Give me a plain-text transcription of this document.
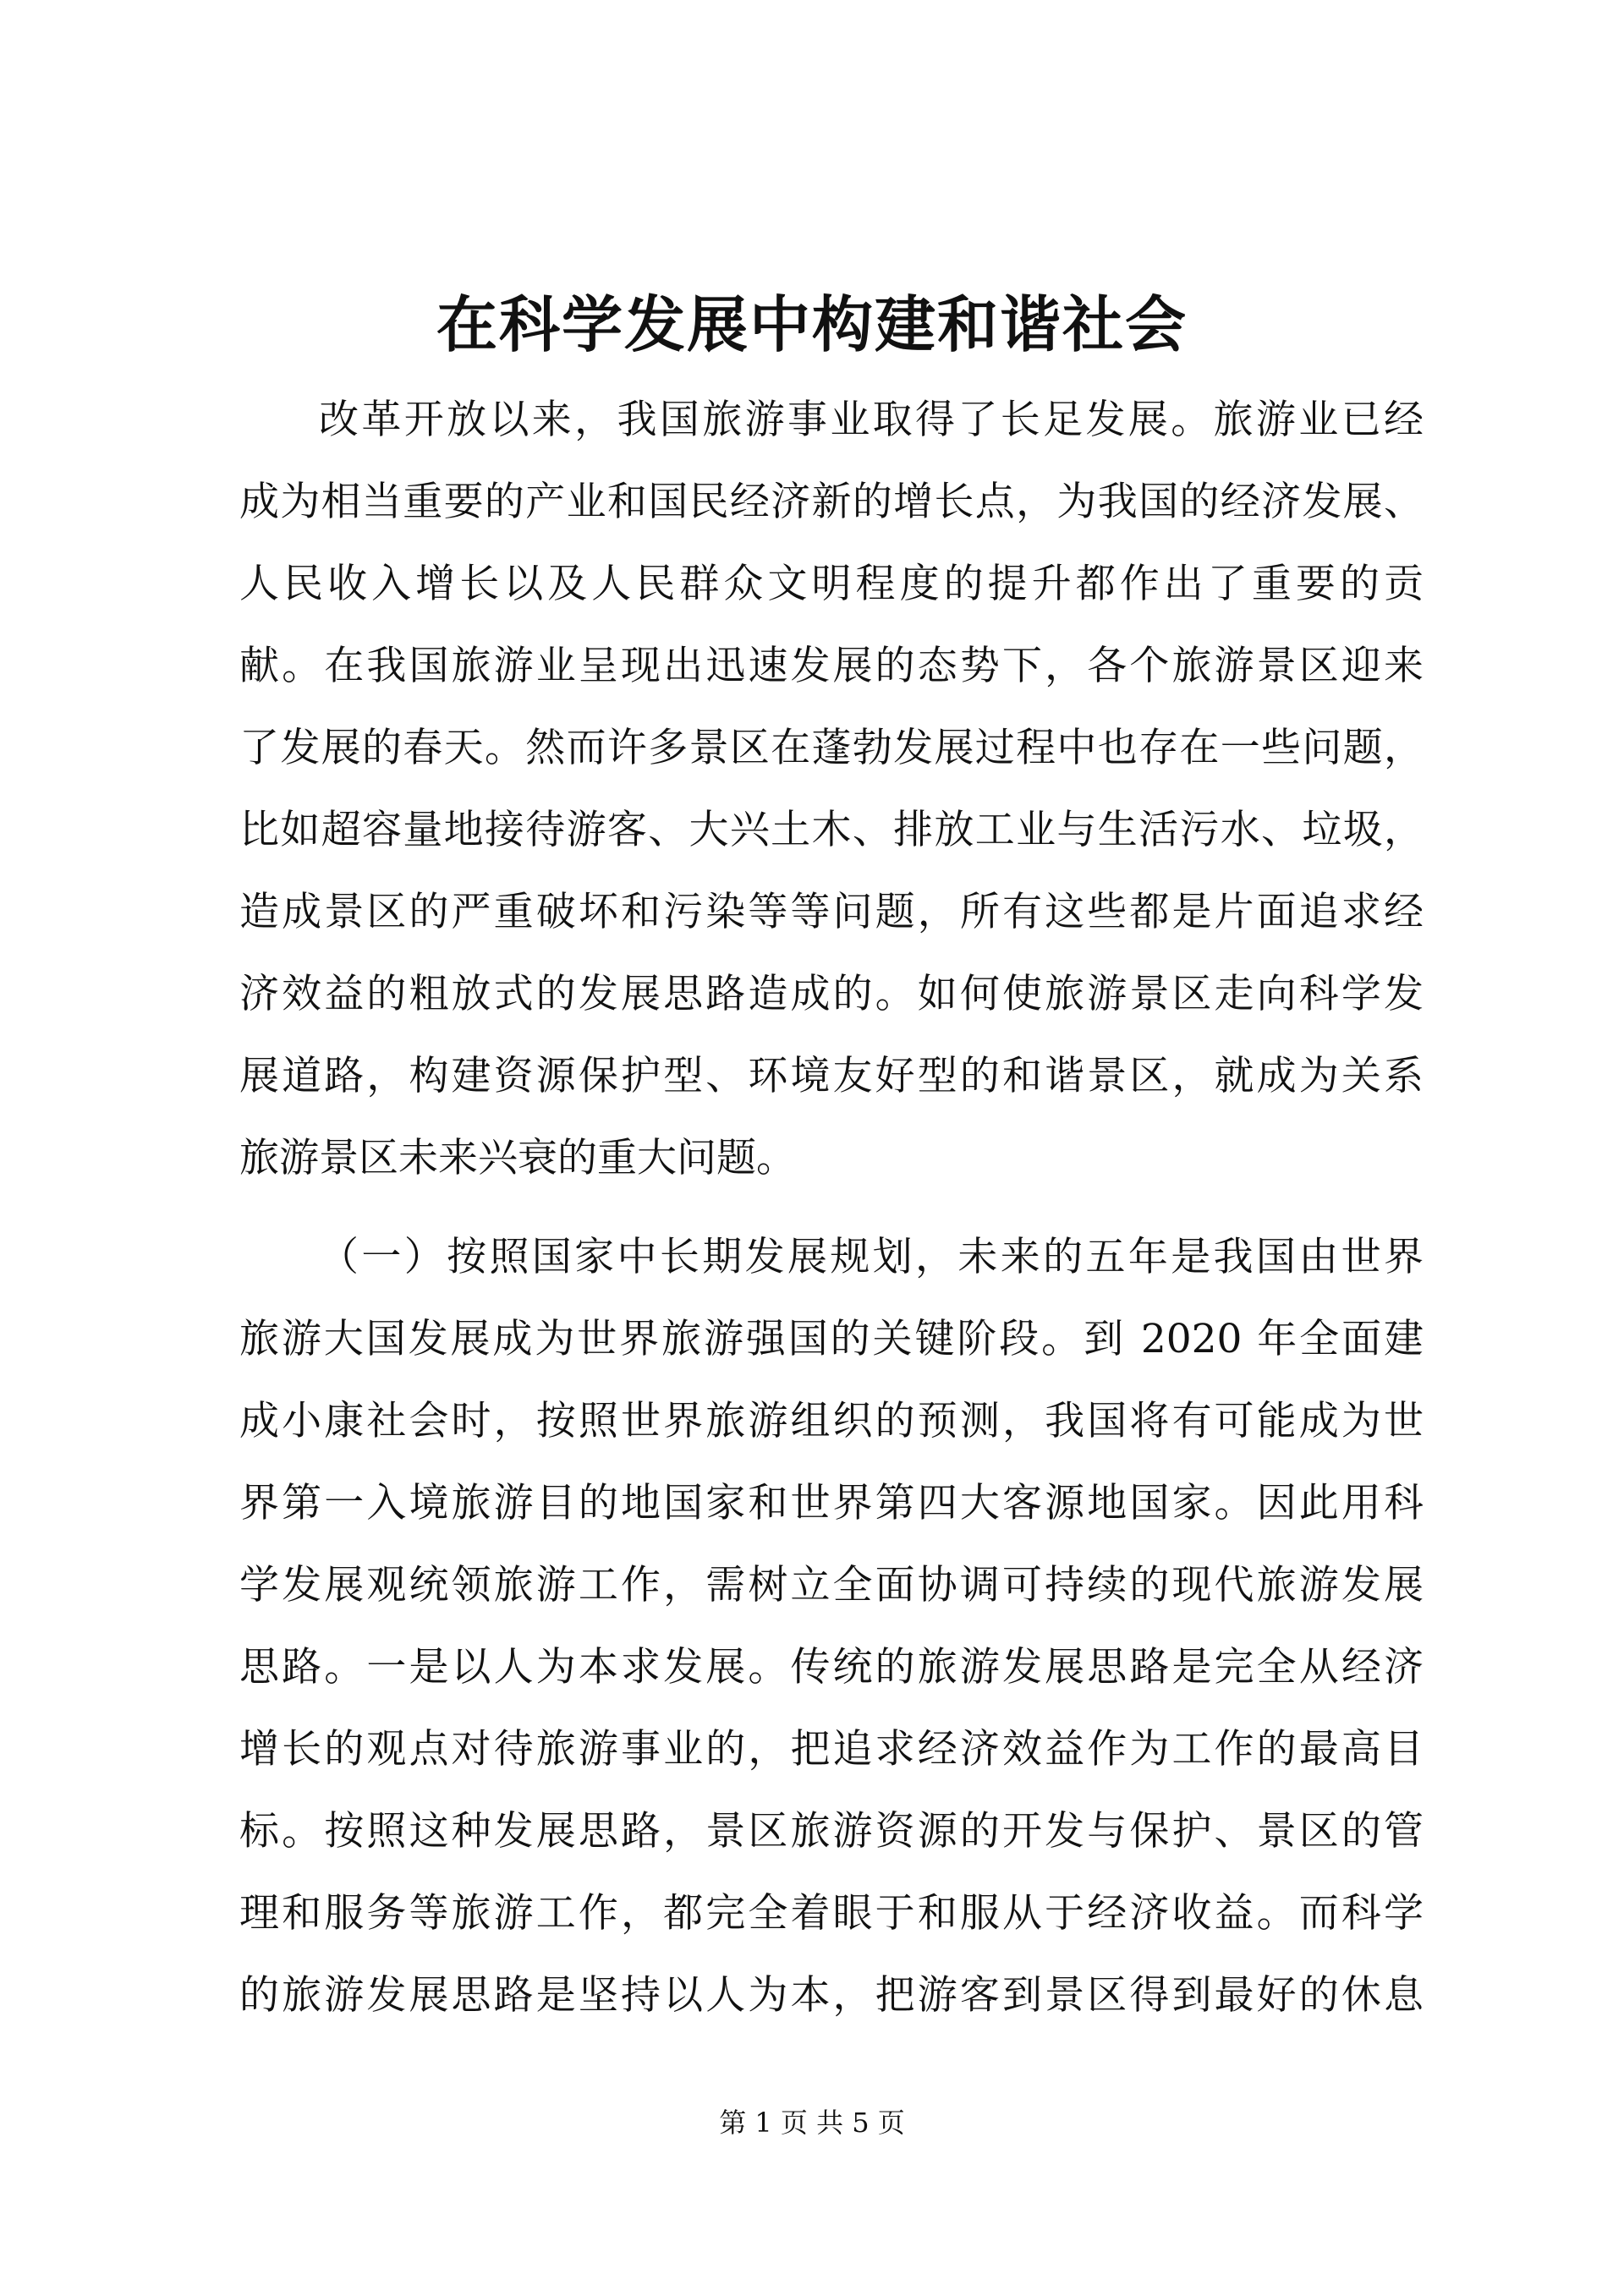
在科学发展中构建和谐社会
改革开放以来，我国旅游事业取得了长足发展。旅游业已经
成为相当重要的产业和国民经济新的增长点，为我国的经济发展、
人民收入增长以及人民群众文明程度的提升都作出了重要的贡
献。在我国旅游业呈现出迅速发展的态势下，各个旅游景区迎来
了发展的春天。然而许多景区在蓬勃发展过程中也存在一些问题，
比如超容量地接待游客、大兴土木、排放工业与生活污水、垃圾，
造成景区的严重破坏和污染等等问题，所有这些都是片面追求经
济效益的粗放式的发展思路造成的。如何使旅游景区走向科学发
展道路，构建资源保护型、环境友好型的和谐景区，就成为关系
旅游景区未来兴衰的重大问题。
（一）按照国家中长期发展规划，未来的五年是我国由世界
旅游大国发展成为世界旅游强国的关键阶段。到 2020 年全面建
成小康社会时，按照世界旅游组织的预测，我国将有可能成为世
界第一入境旅游目的地国家和世界第四大客源地国家。因此用科
学发展观统领旅游工作，需树立全面协调可持续的现代旅游发展
思路。一是以人为本求发展。传统的旅游发展思路是完全从经济
增长的观点对待旅游事业的，把追求经济效益作为工作的最高目
标。按照这种发展思路，景区旅游资源的开发与保护、景区的管
理和服务等旅游工作，都完全着眼于和服从于经济收益。而科学
的旅游发展思路是坚持以人为本，把游客到景区得到最好的休息
第 1 页 共 5 页
